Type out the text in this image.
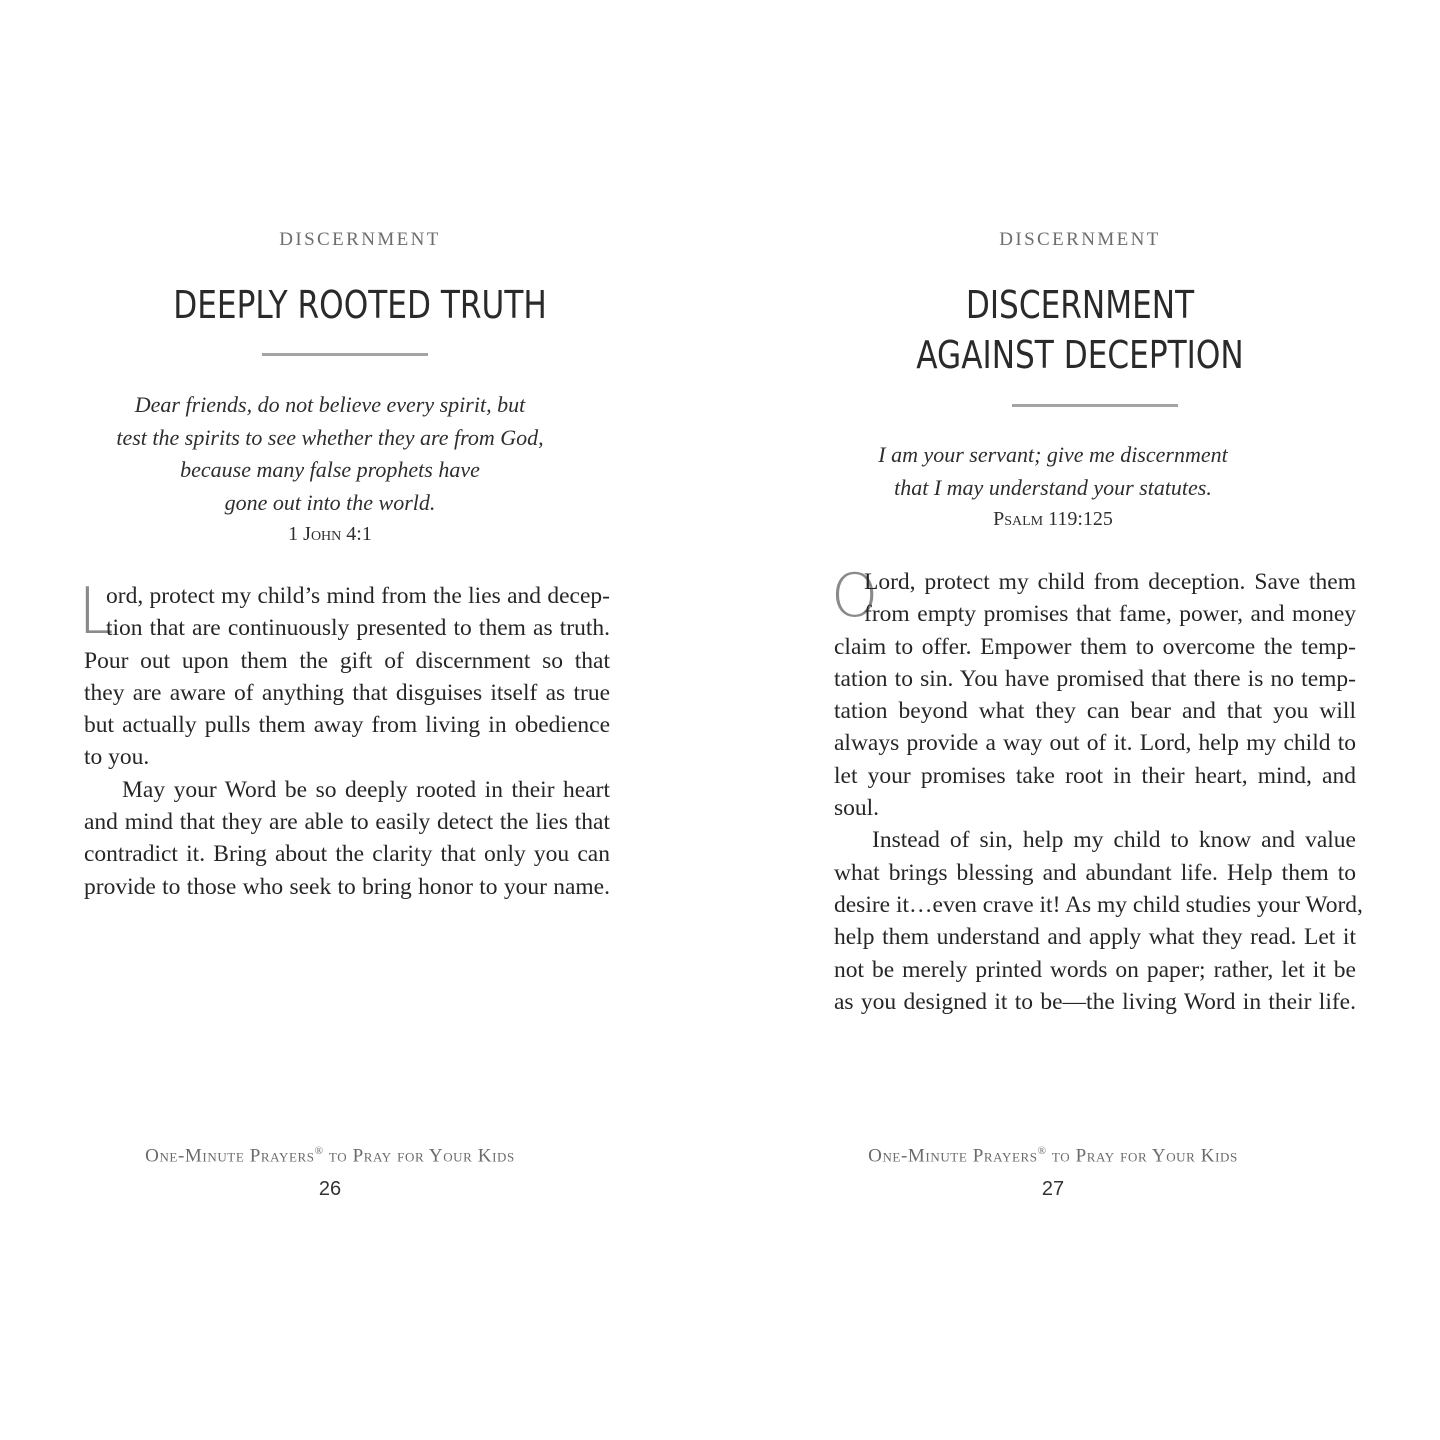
DISCERNMENT
DEEPLY ROOTED TRUTH
Dear friends, do not believe every spirit, but
test the spirits to see whether they are from God,
because many false prophets have
gone out into the world.
1 John 4:1
L
ord, protect my child’s mind from the lies and decep-
tion that are continuously presented to them as truth.
Pour out upon them the gift of discernment so that
they are aware of anything that disguises itself as true
but actually pulls them away from living in obedience
to you.
May your Word be so deeply rooted in their heart
and mind that they are able to easily detect the lies that
contradict it. Bring about the clarity that only you can
provide to those who seek to bring honor to your name.
One-Minute Prayers® to Pray for Your Kids
26
DISCERNMENT
DISCERNMENT
AGAINST DECEPTION
I am your servant; give me discernment
that I may understand your statutes.
Psalm 119:125
O
Lord, protect my child from deception. Save them
from empty promises that fame, power, and money
claim to offer. Empower them to overcome the temp-
tation to sin. You have promised that there is no temp-
tation beyond what they can bear and that you will
always provide a way out of it. Lord, help my child to
let your promises take root in their heart, mind, and
soul.
Instead of sin, help my child to know and value
what brings blessing and abundant life. Help them to
desire it…even crave it! As my child studies your Word,
help them understand and apply what they read. Let it
not be merely printed words on paper; rather, let it be
as you designed it to be—the living Word in their life.
One-Minute Prayers® to Pray for Your Kids
27
